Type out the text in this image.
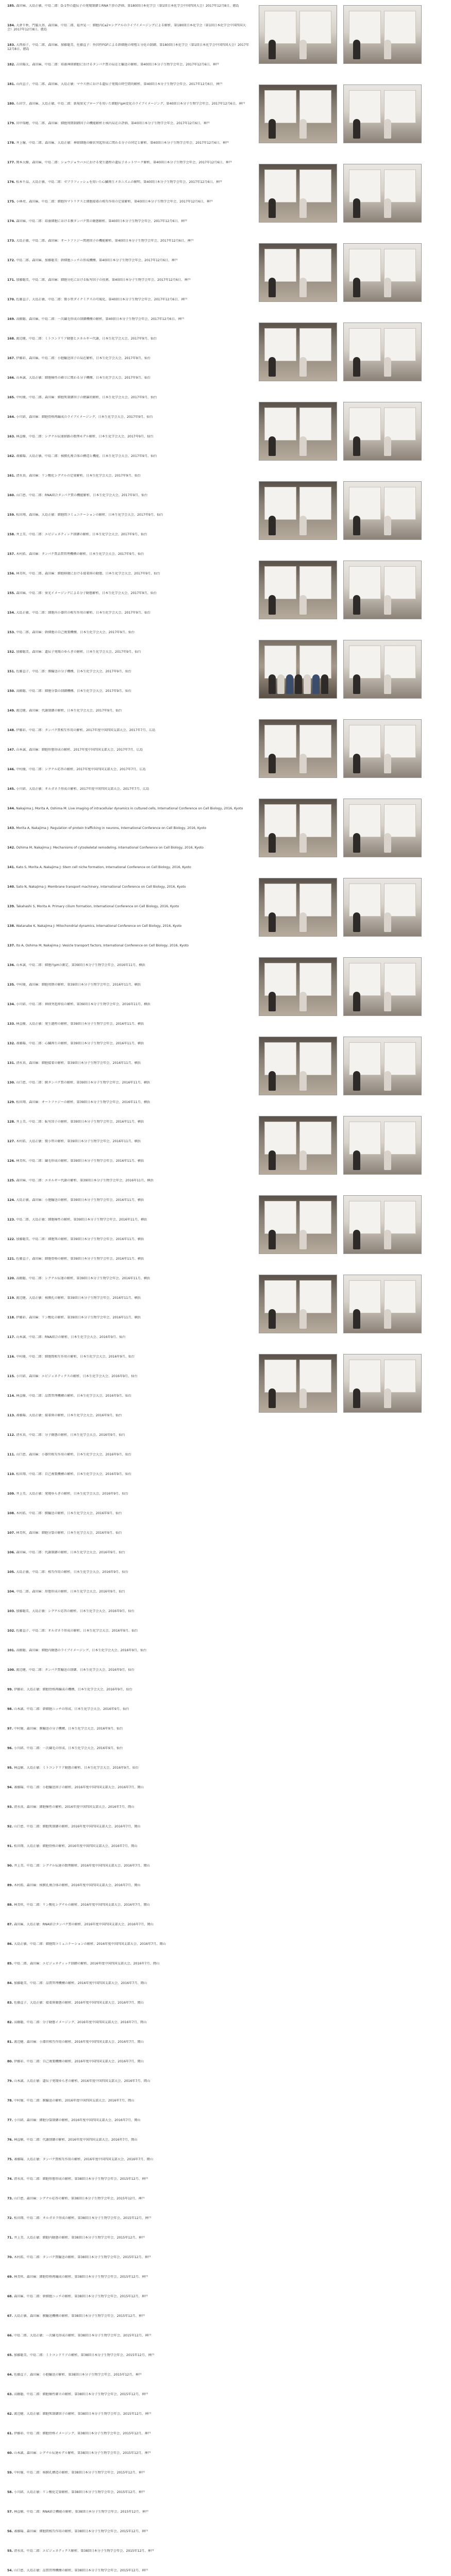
185. 森田麻、大島正敏、中島二郎：D-1型の遺伝子の発現制御とRNA干渉の評価、第180回日本化学会（第1回日本化学会中国四国大会）2017年12月8日、徳島
184. 大倉千秋、門脇大基、森田麻、中島二郎、福井晃一：細胞内Ca2+シグナルのライブイメージングによる解析、第180回日本化学会（第1回日本化学会中国四国大会）2017年12月8日、徳島
183. 大西裕子、中島二郎、森田麻、加藤聡美、佐藤直子：外因性FGFによる幹細胞の増殖と分化の制御、第180回日本化学会（第1回日本化学会中国四国大会）2017年12月8日、徳島
182. 吉田陽太、森田麻、中島二郎：培養神経細胞におけるタンパク質の局在と輸送の解析、第40回日本分子生物学会年会、2017年12月6日、神戸
181. 山内直子、中島二郎、森田麻、大島正敏：マウス胚における遺伝子発現の時空間的解析、第40回日本分子生物学会年会、2017年12月6日、神戸
180. 石田学、森田麻、大島正敏、中島二郎：新規蛍光プローブを用いた細胞内pH変化のライブイメージング、第40回日本分子生物学会年会、2017年12月6日、神戸
179. 田中瑞穂、中島二郎、森田麻：細胞周期制御因子の機能解析と核内局在の評価、第40回日本分子生物学会年会、2017年12月6日、神戸
178. 井上瞳、中島二郎、森田麻、大島正敏：神経細胞の樹状突起形成に関わる分子の同定と解析、第40回日本分子生物学会年会、2017年12月6日、神戸
177. 岡本大樹、森田麻、中島二郎：ショウジョウバエにおける発生過程の遺伝子ネットワーク解析、第40回日本分子生物学会年会、2017年12月6日、神戸
176. 松本千晶、大島正敏、中島二郎：ゼブラフィッシュを用いた心臓再生メカニズムの解明、第40回日本分子生物学会年会、2017年12月6日、神戸
175. 小林亮、森田麻、中島二郎：細胞外マトリクスと細胞接着の相互作用の定量解析、第40回日本分子生物学会年会、2017年12月6日、神戸
174. 森田麻、中島二郎：培養細胞における膜タンパク質の動態解析、第40回日本分子生物学会年会、2017年12月6日、神戸
173. 大島正敏、中島二郎、森田麻：オートファジー関連因子の機能解析、第40回日本分子生物学会年会、2017年12月6日、神戸
172. 中島二郎、森田麻、加藤聡美：幹細胞ニッチの形成機構、第40回日本分子生物学会年会、2017年12月6日、神戸
171. 加藤聡美、中島二郎、森田麻：細胞分化における転写因子の役割、第40回日本分子生物学会年会、2017年12月6日、神戸
170. 佐藤直子、大島正敏、中島二郎：微小管ダイナミクスの可視化、第40回日本分子生物学会年会、2017年12月6日、神戸
169. 高橋聡、森田麻、中島二郎：一次繊毛形成の制御機構の解析、第40回日本分子生物学会年会、2017年12月6日、神戸
168. 渡辺健、中島二郎：ミトコンドリア動態とエネルギー代謝、日本生化学会大会、2017年9月、仙台
167. 伊藤彩、森田麻、中島二郎：小胞輸送因子の局在解析、日本生化学会大会、2017年9月、仙台
166. 山本誠、大島正敏：細胞極性の確立に関わる分子機構、日本生化学会大会、2017年9月、仙台
165. 中村優、中島二郎、森田麻：細胞死制御因子の網羅的解析、日本生化学会大会、2017年9月、仙台
164. 小川結、森田麻：細胞骨格再編成のライブイメージング、日本生化学会大会、2017年9月、仙台
163. 林直樹、中島二郎：シグナル伝達経路の数理モデル解析、日本生化学会大会、2017年9月、仙台
162. 斎藤陽、大島正敏、中島二郎：核膜孔複合体の構造と機能、日本生化学会大会、2017年9月、仙台
161. 清水真、森田麻：リン酸化シグナルの定量解析、日本生化学会大会、2017年9月、仙台
160. 山口恵、中島二郎：RNA結合タンパク質の機能解析、日本生化学会大会、2017年9月、仙台
159. 松田翔、森田麻、大島正敏：細胞間コミュニケーションの解析、日本生化学会大会、2017年9月、仙台
158. 井上美、中島二郎：エピジェネティック制御の解析、日本生化学会大会、2017年9月、仙台
157. 木村拓、森田麻：タンパク質品質管理機構の解析、日本生化学会大会、2017年9月、仙台
156. 林美咲、中島二郎、森田麻：細胞移動における接着斑の動態、日本生化学会大会、2017年9月、仙台
155. 森田麻、中島二郎：蛍光イメージングによる分子動態解析、日本生化学会大会、2017年9月、仙台
154. 大島正敏、中島二郎：細胞内小器官の相互作用の解析、日本生化学会大会、2017年9月、仙台
153. 中島二郎、森田麻：幹細胞の自己複製機構、日本生化学会大会、2017年9月、仙台
152. 加藤聡美、森田麻：遺伝子発現のゆらぎの解析、日本生化学会大会、2017年9月、仙台
151. 佐藤直子、中島二郎：膜輸送の分子機構、日本生化学会大会、2017年9月、仙台
150. 高橋聡、中島二郎：細胞分裂の制御機構、日本生化学会大会、2017年9月、仙台
149. 渡辺健、森田麻：代謝制御の解析、日本生化学会大会、2017年9月、仙台
148. 伊藤彩、中島二郎：タンパク質相互作用の解析、2017年度中国四国支部大会、2017年7月、広島
147. 山本誠、森田麻：細胞形態形成の解析、2017年度中国四国支部大会、2017年7月、広島
146. 中村優、中島二郎：シグナル応答の解析、2017年度中国四国支部大会、2017年7月、広島
145. 小川結、大島正敏：オルガネラ形成の解析、2017年度中国四国支部大会、2017年7月、広島
144. Nakajima J, Morita A, Oshima M: Live imaging of intracellular dynamics in cultured cells, International Conference on Cell Biology, 2016, Kyoto
143. Morita A, Nakajima J: Regulation of protein trafficking in neurons, International Conference on Cell Biology, 2016, Kyoto
142. Oshima M, Nakajima J: Mechanisms of cytoskeletal remodeling, International Conference on Cell Biology, 2016, Kyoto
141. Kato S, Morita A, Nakajima J: Stem cell niche formation, International Conference on Cell Biology, 2016, Kyoto
140. Sato N, Nakajima J: Membrane transport machinery, International Conference on Cell Biology, 2016, Kyoto
139. Takahashi S, Morita A: Primary cilium formation, International Conference on Cell Biology, 2016, Kyoto
138. Watanabe K, Nakajima J: Mitochondrial dynamics, International Conference on Cell Biology, 2016, Kyoto
137. Ito A, Oshima M, Nakajima J: Vesicle transport factors, International Conference on Cell Biology, 2016, Kyoto
136. 山本誠、中島二郎：細胞内pHの測定、第39回日本分子生物学会年会、2016年11月、横浜
135. 中村優、森田麻：細胞周期の解析、第39回日本分子生物学会年会、2016年11月、横浜
134. 小川結、中島二郎：神経突起伸長の解析、第39回日本分子生物学会年会、2016年11月、横浜
133. 林直樹、大島正敏：発生過程の解析、第39回日本分子生物学会年会、2016年11月、横浜
132. 斎藤陽、中島二郎：心臓再生の解析、第39回日本分子生物学会年会、2016年11月、横浜
131. 清水真、森田麻：細胞接着の解析、第39回日本分子生物学会年会、2016年11月、横浜
130. 山口恵、中島二郎：膜タンパク質の解析、第39回日本分子生物学会年会、2016年11月、横浜
129. 松田翔、森田麻：オートファジーの解析、第39回日本分子生物学会年会、2016年11月、横浜
128. 井上美、中島二郎：転写因子の解析、第39回日本分子生物学会年会、2016年11月、横浜
127. 木村拓、大島正敏：微小管の解析、第39回日本分子生物学会年会、2016年11月、横浜
126. 林美咲、中島二郎：繊毛形成の解析、第39回日本分子生物学会年会、2016年11月、横浜
125. 森田麻、中島二郎：エネルギー代謝の解析、第39回日本分子生物学会年会、2016年11月、横浜
124. 大島正敏、森田麻：小胞輸送の解析、第39回日本分子生物学会年会、2016年11月、横浜
123. 中島二郎、大島正敏：細胞極性の解析、第39回日本分子生物学会年会、2016年11月、横浜
122. 加藤聡美、中島二郎：細胞死の解析、第39回日本分子生物学会年会、2016年11月、横浜
121. 佐藤直子、森田麻：細胞骨格の解析、第39回日本分子生物学会年会、2016年11月、横浜
120. 高橋聡、中島二郎：シグナル伝達の解析、第39回日本分子生物学会年会、2016年11月、横浜
119. 渡辺健、大島正敏：核膜孔の解析、第39回日本分子生物学会年会、2016年11月、横浜
118. 伊藤彩、森田麻：リン酸化の解析、第39回日本分子生物学会年会、2016年11月、横浜
117. 山本誠、中島二郎：RNA結合の解析、日本生化学会大会、2016年9月、仙台
116. 中村優、中島二郎：細胞間相互作用の解析、日本生化学会大会、2016年9月、仙台
115. 小川結、森田麻：エピジェネティクスの解析、日本生化学会大会、2016年9月、仙台
114. 林直樹、中島二郎：品質管理機構の解析、日本生化学会大会、2016年9月、仙台
113. 斎藤陽、大島正敏：接着斑の解析、日本生化学会大会、2016年9月、仙台
112. 清水真、中島二郎：分子動態の解析、日本生化学会大会、2016年9月、仙台
111. 山口恵、森田麻：小器官相互作用の解析、日本生化学会大会、2016年9月、仙台
110. 松田翔、中島二郎：自己複製機構の解析、日本生化学会大会、2016年9月、仙台
109. 井上美、大島正敏：発現ゆらぎの解析、日本生化学会大会、2016年9月、仙台
108. 木村拓、中島二郎：膜輸送の解析、日本生化学会大会、2016年9月、仙台
107. 林美咲、森田麻：細胞分裂の解析、日本生化学会大会、2016年9月、仙台
106. 森田麻、中島二郎：代謝制御の解析、日本生化学会大会、2016年9月、仙台
105. 大島正敏、中島二郎：相互作用の解析、日本生化学会大会、2016年9月、仙台
104. 中島二郎、森田麻：形態形成の解析、日本生化学会大会、2016年9月、仙台
103. 加藤聡美、大島正敏：シグナル応答の解析、日本生化学会大会、2016年9月、仙台
102. 佐藤直子、中島二郎：オルガネラ形成の解析、日本生化学会大会、2016年9月、仙台
101. 高橋聡、森田麻：細胞内動態のライブイメージング、日本生化学会大会、2016年9月、仙台
100. 渡辺健、中島二郎：タンパク質輸送の制御、日本生化学会大会、2016年9月、仙台
99. 伊藤彩、大島正敏：細胞骨格再編成の機構、日本生化学会大会、2016年9月、仙台
98. 山本誠、中島二郎：幹細胞ニッチの形成、日本生化学会大会、2016年9月、仙台
97. 中村優、森田麻：膜輸送の分子機構、日本生化学会大会、2016年9月、仙台
96. 小川結、中島二郎：一次繊毛の形成、日本生化学会大会、2016年9月、仙台
95. 林直樹、大島正敏：ミトコンドリア動態の解析、日本生化学会大会、2016年9月、仙台
94. 斎藤陽、中島二郎：小胞輸送因子の解析、2016年度中国四国支部大会、2016年7月、岡山
93. 清水真、森田麻：細胞極性の解析、2016年度中国四国支部大会、2016年7月、岡山
92. 山口恵、中島二郎：細胞死制御の解析、2016年度中国四国支部大会、2016年7月、岡山
91. 松田翔、大島正敏：細胞骨格の解析、2016年度中国四国支部大会、2016年7月、岡山
90. 井上美、中島二郎：シグナル伝達の数理解析、2016年度中国四国支部大会、2016年7月、岡山
89. 木村拓、森田麻：核膜孔複合体の解析、2016年度中国四国支部大会、2016年7月、岡山
88. 林美咲、中島二郎：リン酸化シグナルの解析、2016年度中国四国支部大会、2016年7月、岡山
87. 森田麻、大島正敏：RNA結合タンパク質の解析、2016年度中国四国支部大会、2016年7月、岡山
86. 大島正敏、中島二郎：細胞間コミュニケーションの解析、2016年度中国四国支部大会、2016年7月、岡山
85. 中島二郎、森田麻：エピジェネティック制御の解析、2016年度中国四国支部大会、2016年7月、岡山
84. 加藤聡美、中島二郎：品質管理機構の解析、2016年度中国四国支部大会、2016年7月、岡山
83. 佐藤直子、大島正敏：接着斑動態の解析、2016年度中国四国支部大会、2016年7月、岡山
82. 高橋聡、中島二郎：分子動態イメージング、2016年度中国四国支部大会、2016年7月、岡山
81. 渡辺健、森田麻：小器官相互作用の解析、2016年度中国四国支部大会、2016年7月、岡山
80. 伊藤彩、中島二郎：自己複製機構の解析、2016年度中国四国支部大会、2016年7月、岡山
79. 山本誠、大島正敏：遺伝子発現ゆらぎの解析、2016年度中国四国支部大会、2016年7月、岡山
78. 中村優、中島二郎：膜輸送の解析、2016年度中国四国支部大会、2016年7月、岡山
77. 小川結、森田麻：細胞分裂制御の解析、2016年度中国四国支部大会、2016年7月、岡山
76. 林直樹、中島二郎：代謝制御の解析、2016年度中国四国支部大会、2016年7月、岡山
75. 斎藤陽、大島正敏：タンパク質相互作用の解析、2016年度中国四国支部大会、2016年7月、岡山
74. 清水真、中島二郎：細胞形態形成の解析、第38回日本分子生物学会年会、2015年12月、神戸
73. 山口恵、森田麻：シグナル応答の解析、第38回日本分子生物学会年会、2015年12月、神戸
72. 松田翔、中島二郎：オルガネラ形成の解析、第38回日本分子生物学会年会、2015年12月、神戸
71. 井上美、大島正敏：細胞内動態の解析、第38回日本分子生物学会年会、2015年12月、神戸
70. 木村拓、中島二郎：タンパク質輸送の解析、第38回日本分子生物学会年会、2015年12月、神戸
69. 林美咲、森田麻：細胞骨格再編成の解析、第38回日本分子生物学会年会、2015年12月、神戸
68. 森田麻、中島二郎：幹細胞ニッチの解析、第38回日本分子生物学会年会、2015年12月、神戸
67. 大島正敏、森田麻：膜輸送機構の解析、第38回日本分子生物学会年会、2015年12月、神戸
66. 中島二郎、大島正敏：一次繊毛形成の解析、第38回日本分子生物学会年会、2015年12月、神戸
65. 加藤聡美、中島二郎：ミトコンドリアの解析、第38回日本分子生物学会年会、2015年12月、神戸
64. 佐藤直子、森田麻：小胞輸送の解析、第38回日本分子生物学会年会、2015年12月、神戸
63. 高橋聡、中島二郎：細胞極性確立の解析、第38回日本分子生物学会年会、2015年12月、神戸
62. 渡辺健、大島正敏：細胞死制御因子の解析、第38回日本分子生物学会年会、2015年12月、神戸
61. 伊藤彩、中島二郎：細胞骨格イメージング、第38回日本分子生物学会年会、2015年12月、神戸
60. 山本誠、森田麻：シグナル伝達モデル解析、第38回日本分子生物学会年会、2015年12月、神戸
59. 中村優、中島二郎：核膜孔構造の解析、第38回日本分子生物学会年会、2015年12月、神戸
58. 小川結、大島正敏：リン酸化定量解析、第38回日本分子生物学会年会、2015年12月、神戸
57. 林直樹、中島二郎：RNA結合機能の解析、第38回日本分子生物学会年会、2015年12月、神戸
56. 斎藤陽、森田麻：細胞間相互作用の解析、第38回日本分子生物学会年会、2015年12月、神戸
55. 清水真、中島二郎：エピジェネティクス解析、第38回日本分子生物学会年会、2015年12月、神戸
54. 山口恵、大島正敏：品質管理機構の解析、第38回日本分子生物学会年会、2015年12月、神戸
